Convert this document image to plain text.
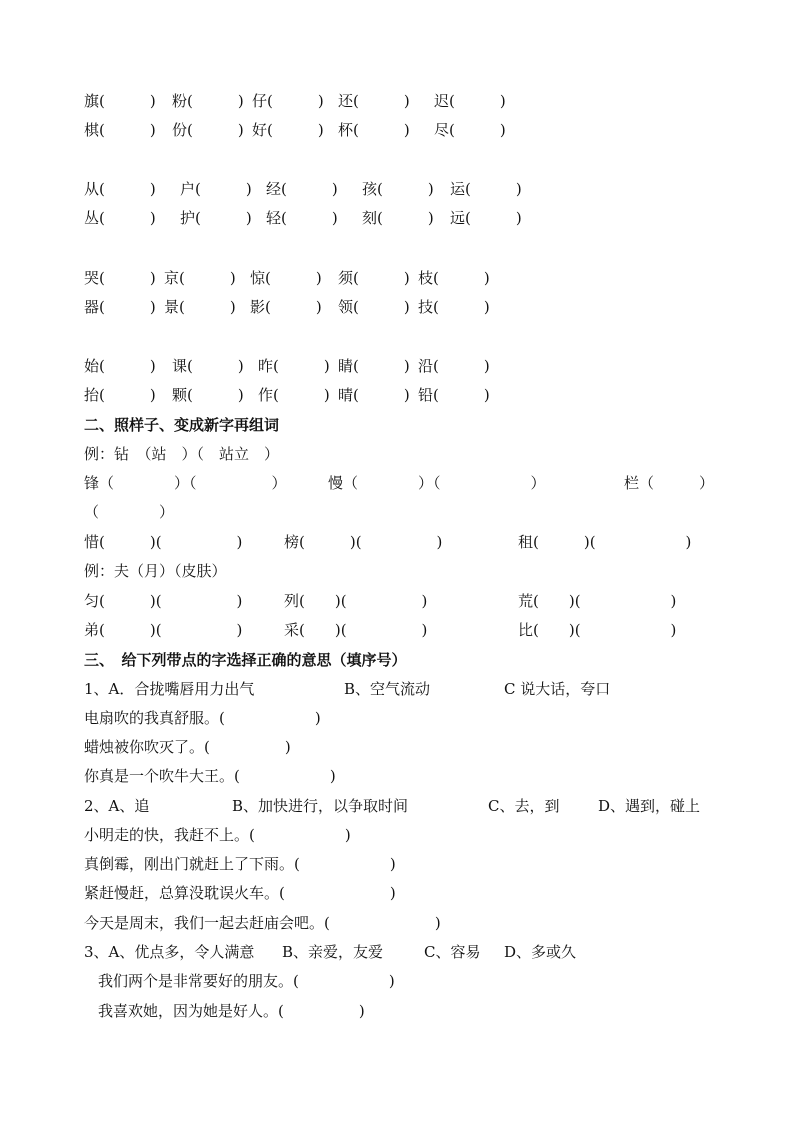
旗(　　　) 粉(　　　) 仔(　　　) 还(　　　) 迟(　　　)
棋(　　　) 份(　　　) 好(　　　) 杯(　　　) 尽(　　　)
从(　　　) 户(　　　) 经(　　　) 孩(　　　) 运(　　　)
丛(　　　) 护(　　　) 轻(　　　) 刻(　　　) 远(　　　)
哭(　　　) 京(　　　) 惊(　　　) 须(　　　) 枝(　　　)
器(　　　) 景(　　　) 影(　　　) 领(　　　) 技(　　　)
始(　　　) 课(　　　) 昨(　　　) 睛(　　　) 沿(　　　)
抬(　　　) 颗(　　　) 作(　　　) 晴(　　　) 铅(　　　)
二、照样子、变成新字再组词
例：钻　（站　）（　站立　）
锋（　　　　）（　　　　　）	慢（　　　　）（　　　　　　）	栏（　　　）
（　　　　）
惜(　　　)(　　　　　)	榜(　　　)(　　　　　)	租(　　　)(　　　　　　)
例：夫（月）（皮肤）
匀(　　　)(　　　　　)	列(　　)(　　　　　)	荒(　　)(　　　　　　)
弟(　　　)(　　　　　)	采(　　)(　　　　　)	比(　　)(　　　　　　)
三、　给下列带点的字选择正确的意思（填序号）
1、A．合拢嘴唇用力出气	B、空气流动	C 说大话，夸口
电扇吹的我真舒服。(　　　　　　)
蜡烛被你吹灭了。(　　　　　)
你真是一个吹牛大王。(　　　　　　)
2、A、追	B、加快进行，以争取时间	C、去，到	D、遇到，碰上
小明走的快，我赶不上。(　　　　　　)
真倒霉，刚出门就赶上了下雨。(　　　　　　)
紧赶慢赶，总算没耽误火车。(　　　　　　　)
今天是周末，我们一起去赶庙会吧。(　　　　　　　)
3、A、优点多，令人满意 B、亲爱，友爱	C、容易 D、多或久
我们两个是非常要好的朋友。(　　　　　　)
我喜欢她，因为她是好人。(　　　　　)
